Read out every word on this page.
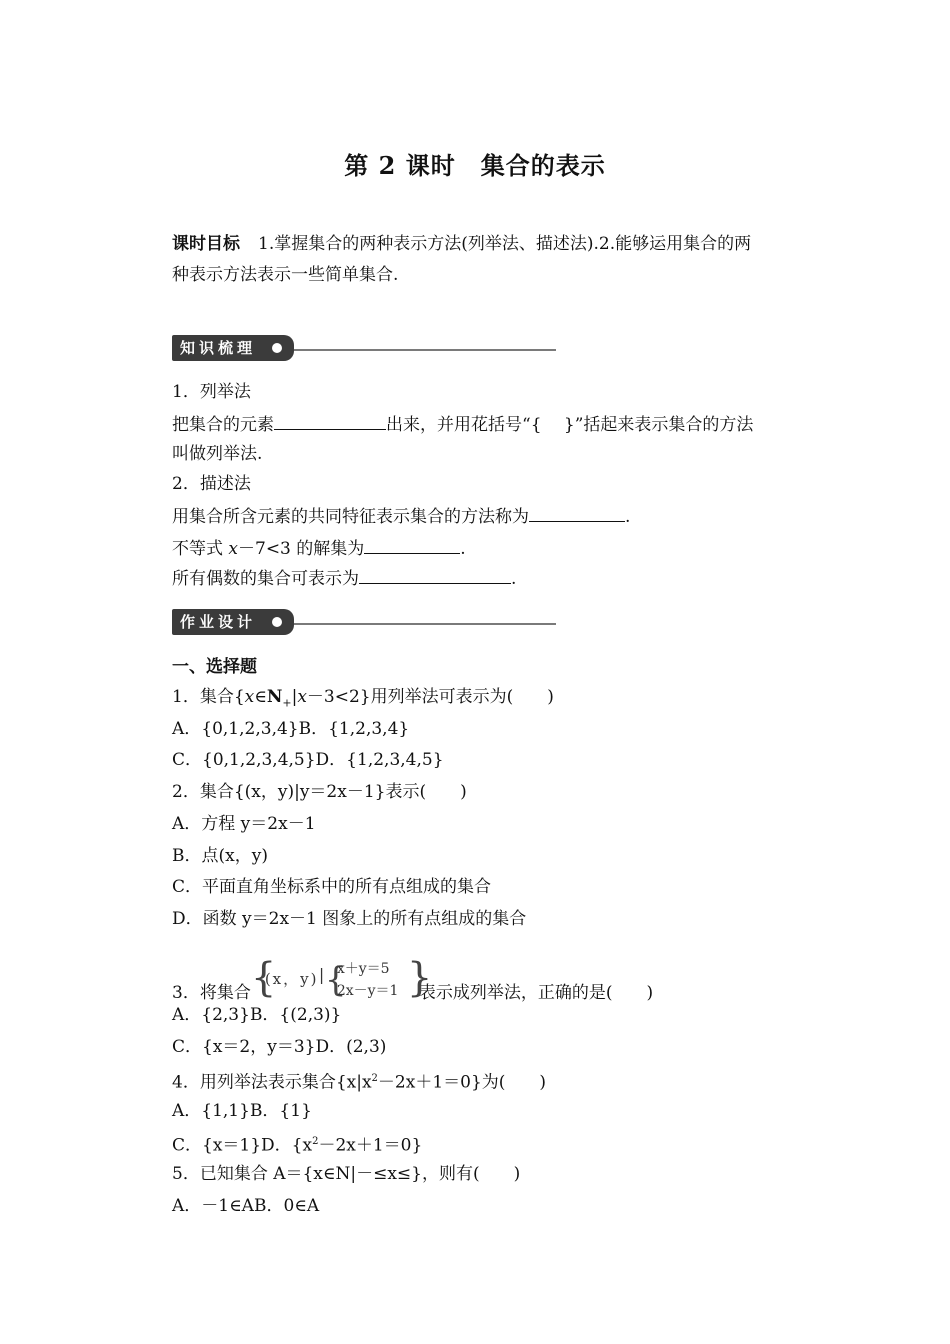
第 2 课时　集合的表示
课时目标 1.掌握集合的两种表示方法(列举法、描述法).2.能够运用集合的两
种表示方法表示一些简单集合.
知识梳理
1．列举法
把集合的元素	出来，并用花括号“{　 }”括起来表示集合的方法
叫做列举法.
2．描述法
用集合所含元素的共同特征表示集合的方法称为	.
不等式 x－7<3 的解集为	.
所有偶数的集合可表示为	.
作业设计
一、选择题
1．集合$\{x\in N_+|x-3<2\}$用列举法可表示为(　　)
A．{0,1,2,3,4}B．{1,2,3,4}
C．{0,1,2,3,4,5}D．{1,2,3,4,5}
2．集合{(x，y)|y＝2x－1}表示(　　)
A．方程 y＝2x－1
B．点(x，y)
C．平面直角坐标系中的所有点组成的集合
D．函数 y＝2x－1 图象上的所有点组成的集合
3．将集合 {
(x，y) | {
x＋y＝5
2x－y＝1 }
表示成列举法，正确的是(　　)
A．{2,3}B．{(2,3)}
C．{x＝2，y＝3}D．(2,3)
4．用列举法表示集合$\{x|x^2-2x+1=0\}$为(　　)
A．{1,1}B．{1}
C．{x＝1}D．$\{x^2-2x+1=0\}$
5．已知集合 A＝{x∈N|－≤x≤}，则有(　　)
A．－1∈AB．0∈A
